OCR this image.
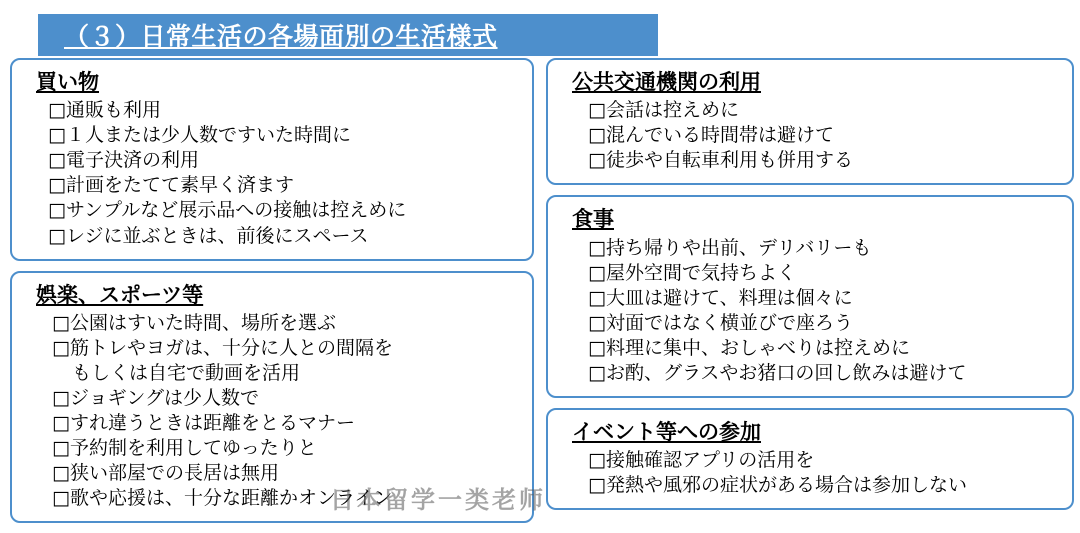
（３）日常生活の各場面別の生活様式
買い物
□通販も利用
□１人または少人数ですいた時間に
□電子決済の利用
□計画をたてて素早く済ます
□サンプルなど展示品への接触は控えめに
□レジに並ぶときは、前後にスペース
娯楽、スポーツ等
□公園はすいた時間、場所を選ぶ
□筋トレやヨガは、十分に人との間隔を
もしくは自宅で動画を活用
□ジョギングは少人数で
□すれ違うときは距離をとるマナー
□予約制を利用してゆったりと
□狭い部屋での長居は無用
□歌や応援は、十分な距離かオンライン
公共交通機関の利用
□会話は控えめに
□混んでいる時間帯は避けて
□徒歩や自転車利用も併用する
食事
□持ち帰りや出前、デリバリーも
□屋外空間で気持ちよく
□大皿は避けて、料理は個々に
□対面ではなく横並びで座ろう
□料理に集中、おしゃべりは控えめに
□お酌、グラスやお猪口の回し飲みは避けて
イベント等への参加
□接触確認アプリの活用を
□発熱や風邪の症状がある場合は参加しない
日本留学一类老师
